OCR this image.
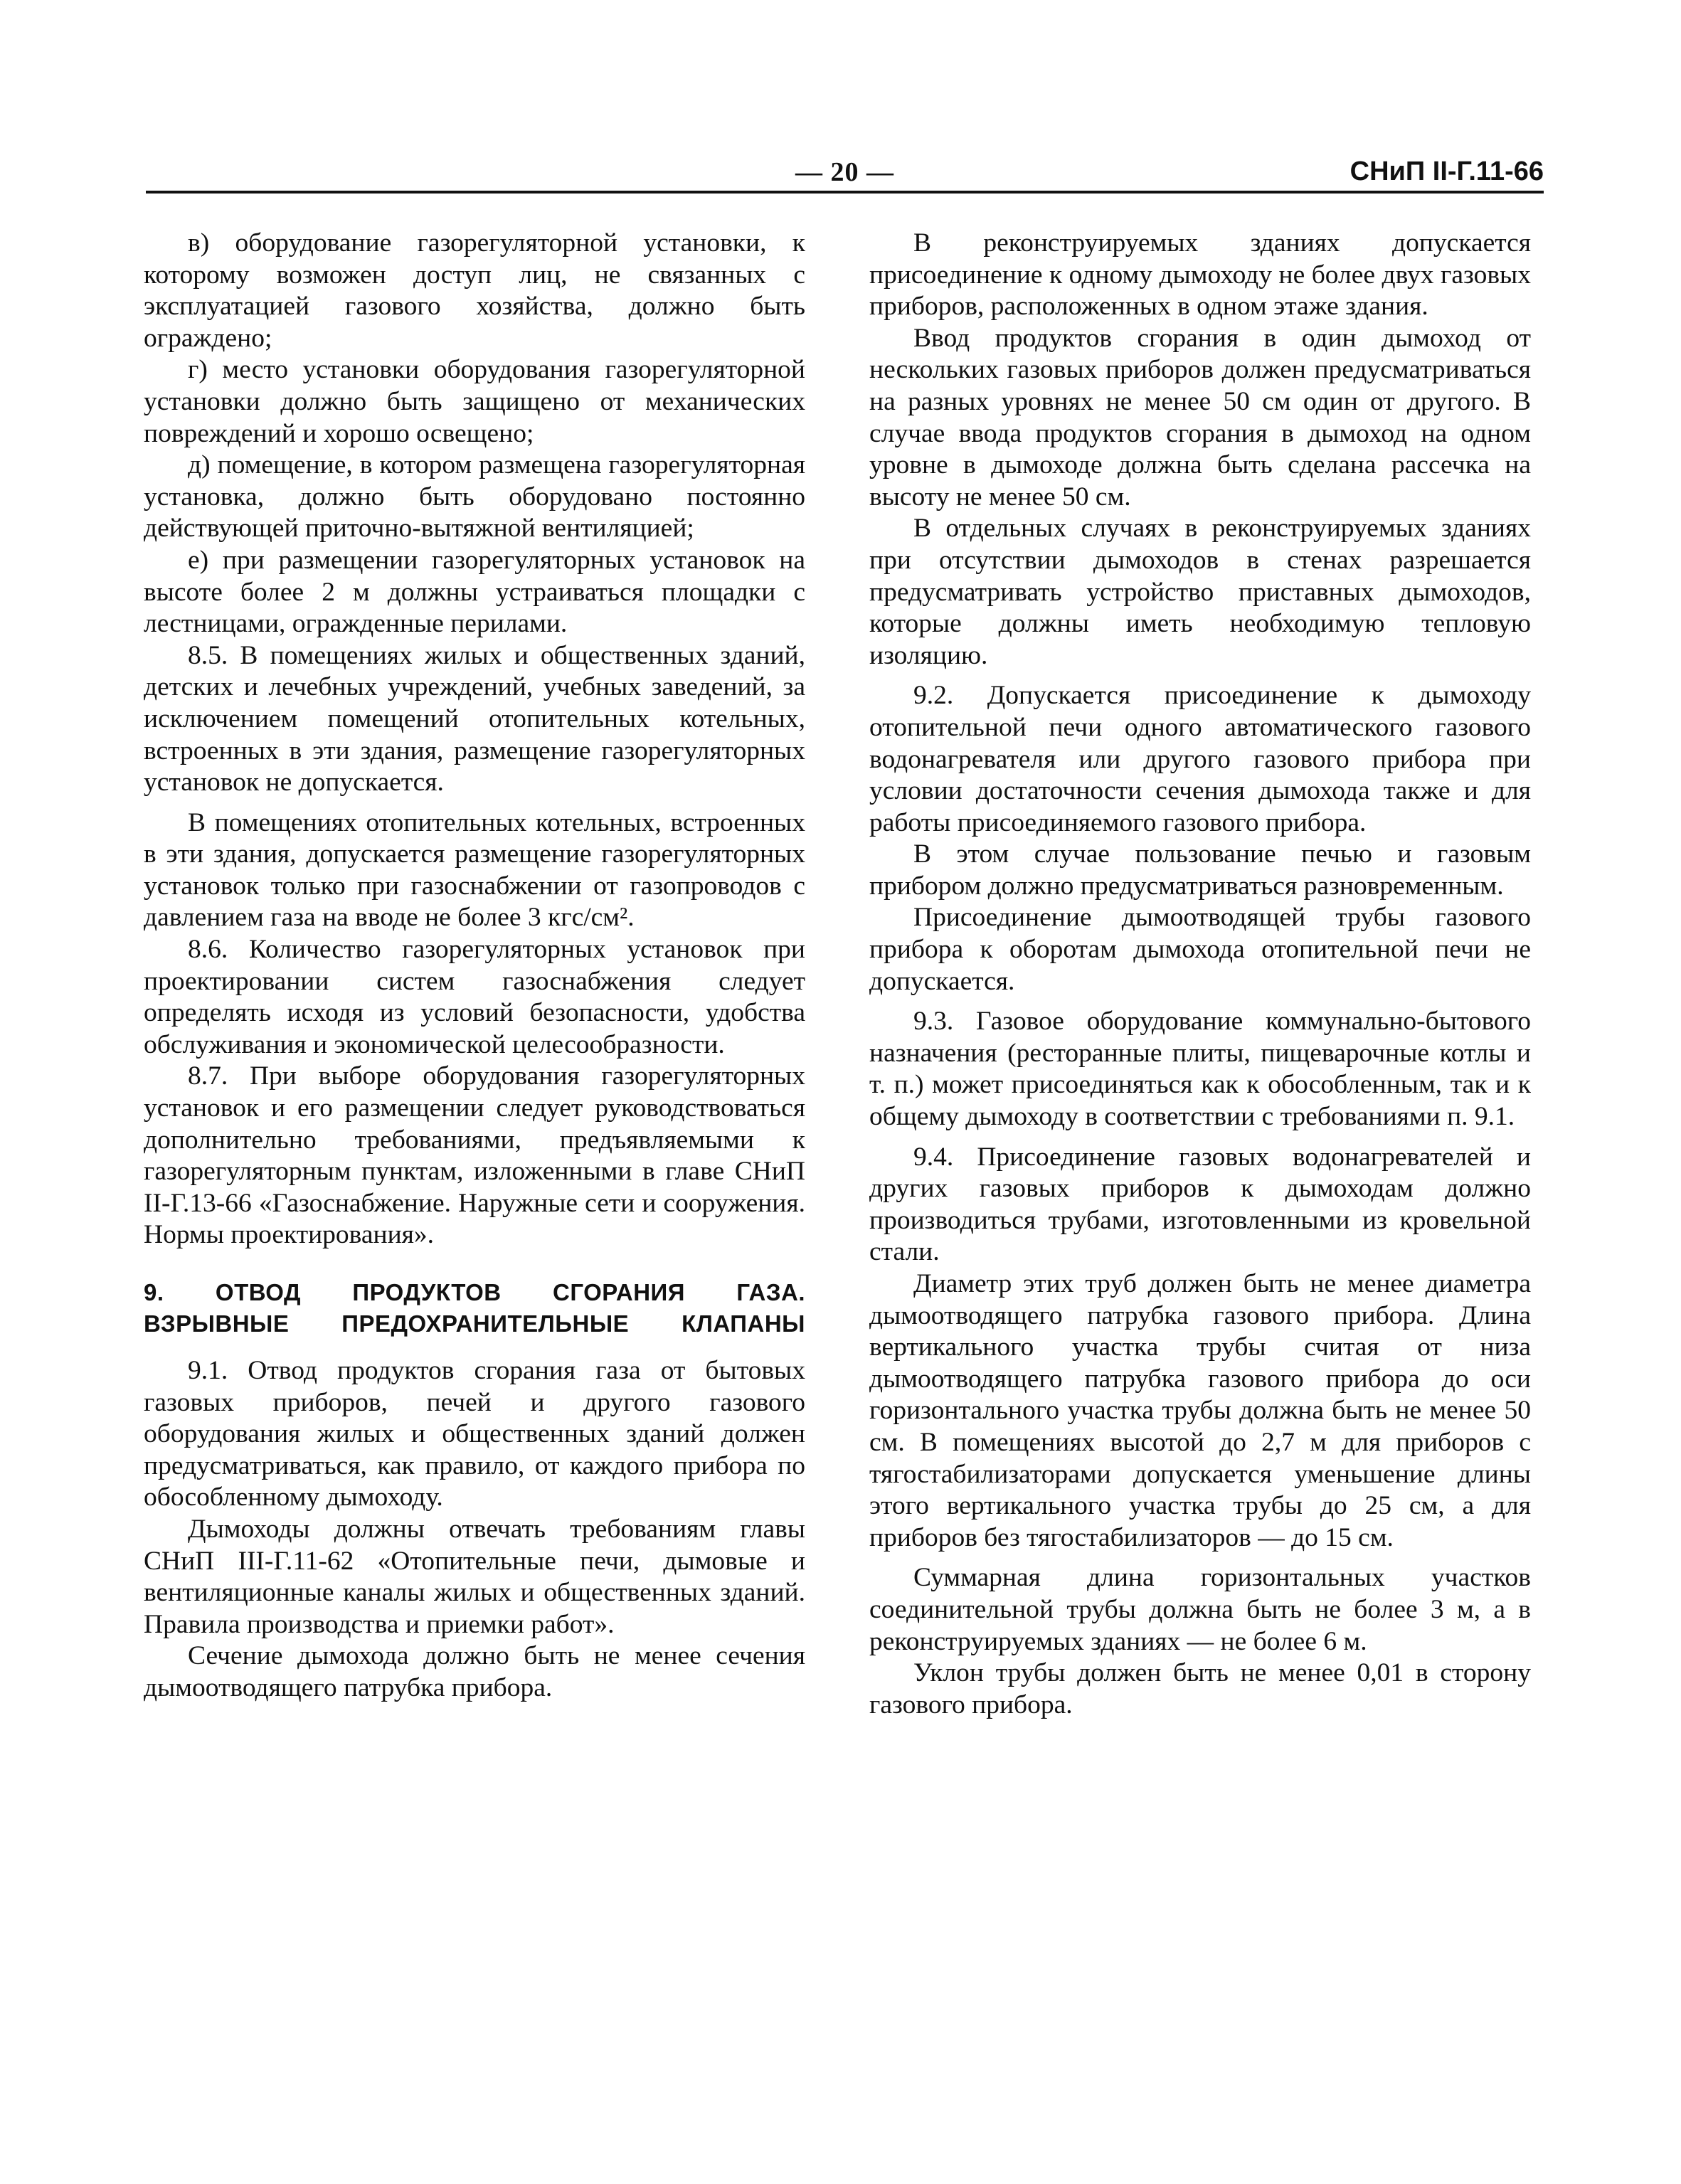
— 20 —	СНиП II-Г.11-66

в) оборудование газорегуляторной установки, к которому возможен доступ лиц, не связанных с эксплуатацией газового хозяйства, должно быть ограждено;

г) место установки оборудования газорегуляторной установки должно быть защищено от механических повреждений и хорошо освещено;

д) помещение, в котором размещена газорегуляторная установка, должно быть оборудовано постоянно действующей приточно-вытяжной вентиляцией;

е) при размещении газорегуляторных установок на высоте более 2 м должны устраиваться площадки с лестницами, огражденные перилами.

8.5. В помещениях жилых и общественных зданий, детских и лечебных учреждений, учебных заведений, за исключением помещений отопительных котельных, встроенных в эти здания, размещение газорегуляторных установок не допускается.

В помещениях отопительных котельных, встроенных в эти здания, допускается размещение газорегуляторных установок только при газоснабжении от газопроводов с давлением газа на вводе не более 3 кгс/см².

8.6. Количество газорегуляторных установок при проектировании систем газоснабжения следует определять исходя из условий безопасности, удобства обслуживания и экономической целесообразности.

8.7. При выборе оборудования газорегуляторных установок и его размещении следует руководствоваться дополнительно требованиями, предъявляемыми к газорегуляторным пунктам, изложенными в главе СНиП II-Г.13-66 «Газоснабжение. Наружные сети и сооружения. Нормы проектирования».

9. ОТВОД ПРОДУКТОВ СГОРАНИЯ ГАЗА.
ВЗРЫВНЫЕ ПРЕДОХРАНИТЕЛЬНЫЕ КЛАПАНЫ

9.1. Отвод продуктов сгорания газа от бытовых газовых приборов, печей и другого газового оборудования жилых и общественных зданий должен предусматриваться, как правило, от каждого прибора по обособленному дымоходу.

Дымоходы должны отвечать требованиям главы СНиП III-Г.11-62 «Отопительные печи, дымовые и вентиляционные каналы жилых и общественных зданий. Правила производства и приемки работ».

Сечение дымохода должно быть не менее сечения дымоотводящего патрубка прибора.

В реконструируемых зданиях допускается присоединение к одному дымоходу не более двух газовых приборов, расположенных в одном этаже здания.

Ввод продуктов сгорания в один дымоход от нескольких газовых приборов должен предусматриваться на разных уровнях не менее 50 см один от другого. В случае ввода продуктов сгорания в дымоход на одном уровне в дымоходе должна быть сделана рассечка на высоту не менее 50 см.

В отдельных случаях в реконструируемых зданиях при отсутствии дымоходов в стенах разрешается предусматривать устройство приставных дымоходов, которые должны иметь необходимую тепловую изоляцию.

9.2. Допускается присоединение к дымоходу отопительной печи одного автоматического газового водонагревателя или другого газового прибора при условии достаточности сечения дымохода также и для работы присоединяемого газового прибора.

В этом случае пользование печью и газовым прибором должно предусматриваться разновременным.

Присоединение дымоотводящей трубы газового прибора к оборотам дымохода отопительной печи не допускается.

9.3. Газовое оборудование коммунально-бытового назначения (ресторанные плиты, пищеварочные котлы и т. п.) может присоединяться как к обособленным, так и к общему дымоходу в соответствии с требованиями п. 9.1.

9.4. Присоединение газовых водонагревателей и других газовых приборов к дымоходам должно производиться трубами, изготовленными из кровельной стали.

Диаметр этих труб должен быть не менее диаметра дымоотводящего патрубка газового прибора. Длина вертикального участка трубы считая от низа дымоотводящего патрубка газового прибора до оси горизонтального участка трубы должна быть не менее 50 см. В помещениях высотой до 2,7 м для приборов с тягостабилизаторами допускается уменьшение длины этого вертикального участка трубы до 25 см, а для приборов без тягостабилизаторов — до 15 см.

Суммарная длина горизонтальных участков соединительной трубы должна быть не более 3 м, а в реконструируемых зданиях — не более 6 м.

Уклон трубы должен быть не менее 0,01 в сторону газового прибора.
